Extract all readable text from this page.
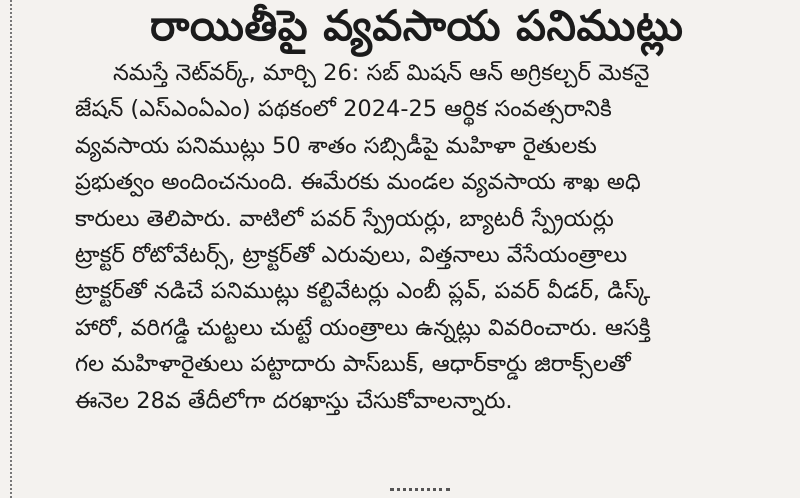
రాయితీపై వ్యవసాయ పనిముట్లు
నమస్తే నెట్‌వర్క్, మార్చి 26: సబ్ మిషన్ ఆన్ అగ్రికల్చర్ మెకనై
జేషన్ (ఎస్ఎంఏఎం) పథకంలో 2024-25 ఆర్థిక సంవత్సరానికి
వ్యవసాయ పనిముట్లు 50 శాతం సబ్సిడీపై మహిళా రైతులకు
ప్రభుత్వం అందించనుంది. ఈమేరకు మండల వ్యవసాయ శాఖ అధి
కారులు తెలిపారు. వాటిలో పవర్ స్ప్రేయర్లు, బ్యాటరీ స్ప్రేయర్లు
ట్రాక్టర్ రోటోవేటర్స్, ట్రాక్టర్‌తో ఎరువులు, విత్తనాలు వేసేయంత్రాలు
ట్రాక్టర్‌తో నడిచే పనిముట్లు కల్టివేటర్లు ఎంబీ ప్లవ్, పవర్ వీడర్, డిస్క్
హారో, వరిగడ్డి చుట్టలు చుట్టే యంత్రాలు ఉన్నట్లు వివరించారు. ఆసక్తి
గల మహిళారైతులు పట్టాదారు పాస్‌బుక్, ఆధార్‌కార్డు జిరాక్స్‌లతో
ఈనెల 28వ తేదీలోగా దరఖాస్తు చేసుకోవాలన్నారు.
